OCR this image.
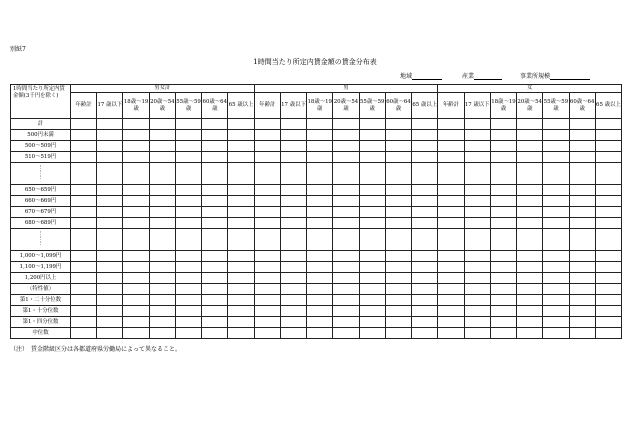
別紙7
1時間当たり所定内賃金額の賃金分布表
地域	産業	事業所規模
1時間当たり所定内賃金額(3千円を除く)	男女計							男							女						
	年齢計	17 歳以下	18歳～19歳	20歳～54歳	55歳～59歳	60歳～64歳	65 歳以上	年齢計	17 歳以下	18歳～19歳	20歳～54歳	55歳～59歳	60歳～64歳	65 歳以上	年齢計	17 歳以下	18歳～19歳	20歳～54歳	55歳～59歳	60歳～64歳	65 歳以上
計																					
500円未満																					
500～509円																					
510～519円																					

⋮
⋮
⋮																					

650～659円																					
660～669円																					
670～679円																					
680～689円																					

⋮
⋮
⋮																					

1,000～1,099円																					
1,100～1,199円																					
1,200円以上																					
（特性値）																					
第1・二十分位数																					
第1・十分位数																					
第1・四分位数																					
中位数																					
（注）　賃金階級区分は各都道府県労働局によって異なること。
